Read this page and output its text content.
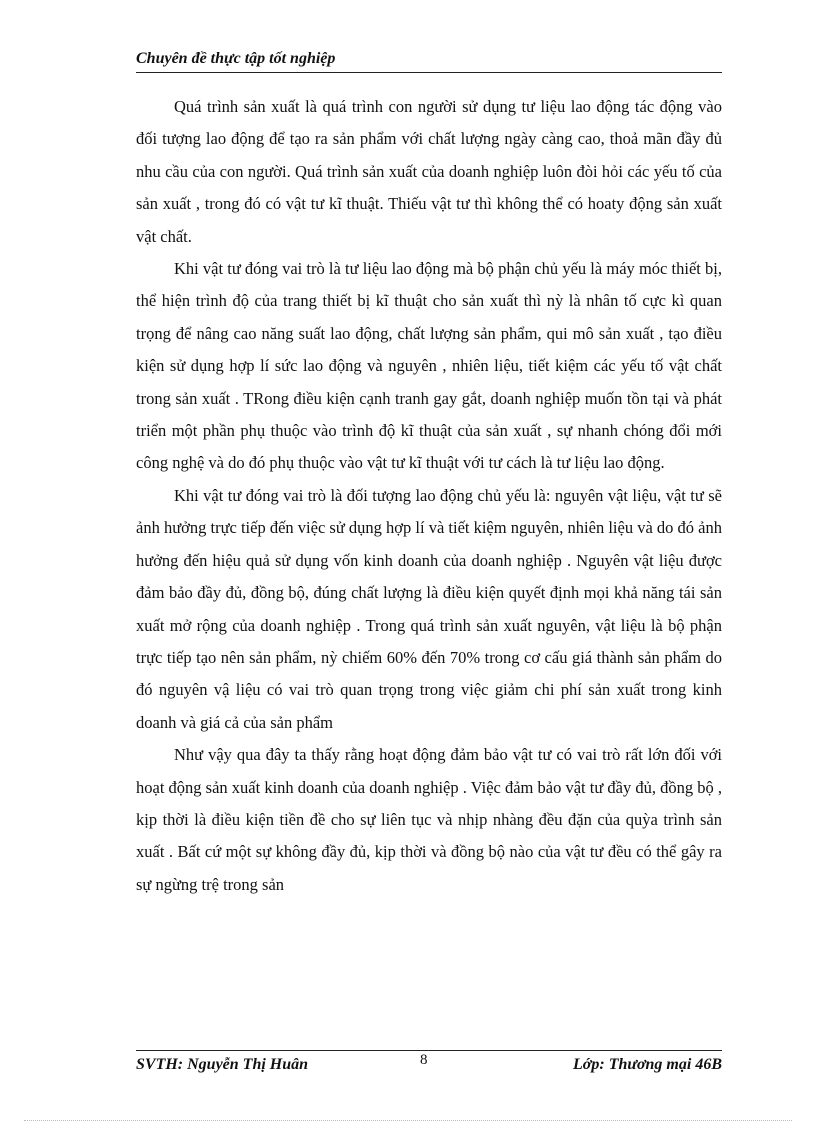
Chuyên đề thực tập tốt nghiệp

Quá trình sản xuất là quá trình con người sử dụng tư liệu lao động tác động vào đối tượng lao động để tạo ra sản phẩm với chất lượng ngày càng cao, thoả mãn đầy đủ nhu cầu của con người. Quá trình sản xuất của doanh nghiệp luôn đòi hỏi các yếu tố của sản xuất , trong đó có vật tư kĩ thuật. Thiếu vật tư thì không thể có hoaty động sản xuất vật chất.

Khi vật tư đóng vai trò là tư liệu lao động mà bộ phận chủ yếu là máy móc thiết bị, thể hiện trình độ của trang thiết bị kĩ thuật cho sản xuất thì nỳ là nhân tố cực kì quan trọng để nâng cao năng suất lao động, chất lượng sản phẩm, qui mô sản xuất , tạo điều kiện sử dụng hợp lí sức lao động và nguyên , nhiên liệu, tiết kiệm các yếu tố vật chất trong sản xuất . TRong điều kiện cạnh tranh gay gắt, doanh nghiệp muốn tồn tại và phát triển một phần phụ thuộc vào trình độ kĩ thuật của sản xuất , sự nhanh chóng đổi mới công nghệ và do đó phụ thuộc vào vật tư kĩ thuật với tư cách là tư liệu lao động.

Khi vật tư đóng vai trò là đối tượng lao động chủ yếu là: nguyên vật liệu, vật tư sẽ ảnh hưởng trực tiếp đến việc sử dụng hợp lí và tiết kiệm nguyên, nhiên liệu và do đó ảnh hưởng đến hiệu quả sử dụng vốn kinh doanh của doanh nghiệp . Nguyên vật liệu được đảm bảo đầy đủ, đồng bộ, đúng chất lượng là điều kiện quyết định mọi khả năng tái sản xuất mở rộng của doanh nghiệp . Trong quá trình sản xuất nguyên, vật liệu là bộ phận trực tiếp tạo nên sản phẩm, nỳ chiếm 60% đến 70% trong cơ cấu giá thành sản phẩm do đó nguyên vậ liệu có vai trò quan trọng trong việc giảm chi phí sản xuất trong kinh doanh và giá cả của sản phẩm

Như vậy qua đây ta thấy rằng hoạt động đảm bảo vật tư có vai trò rất lớn đối với hoạt động sản xuất kinh doanh của doanh nghiệp . Việc đảm bảo vật tư đầy đủ, đồng bộ , kịp thời là điều kiện tiền đề cho sự liên tục và nhịp nhàng đều đặn của quỳa trình sản xuất . Bất cứ một sự không đầy đủ, kịp thời và đồng bộ nào của vật tư đều có thể gây ra sự ngừng trệ trong sản

SVTH: Nguyễn Thị Huân	8	Lớp: Thương mại 46B
